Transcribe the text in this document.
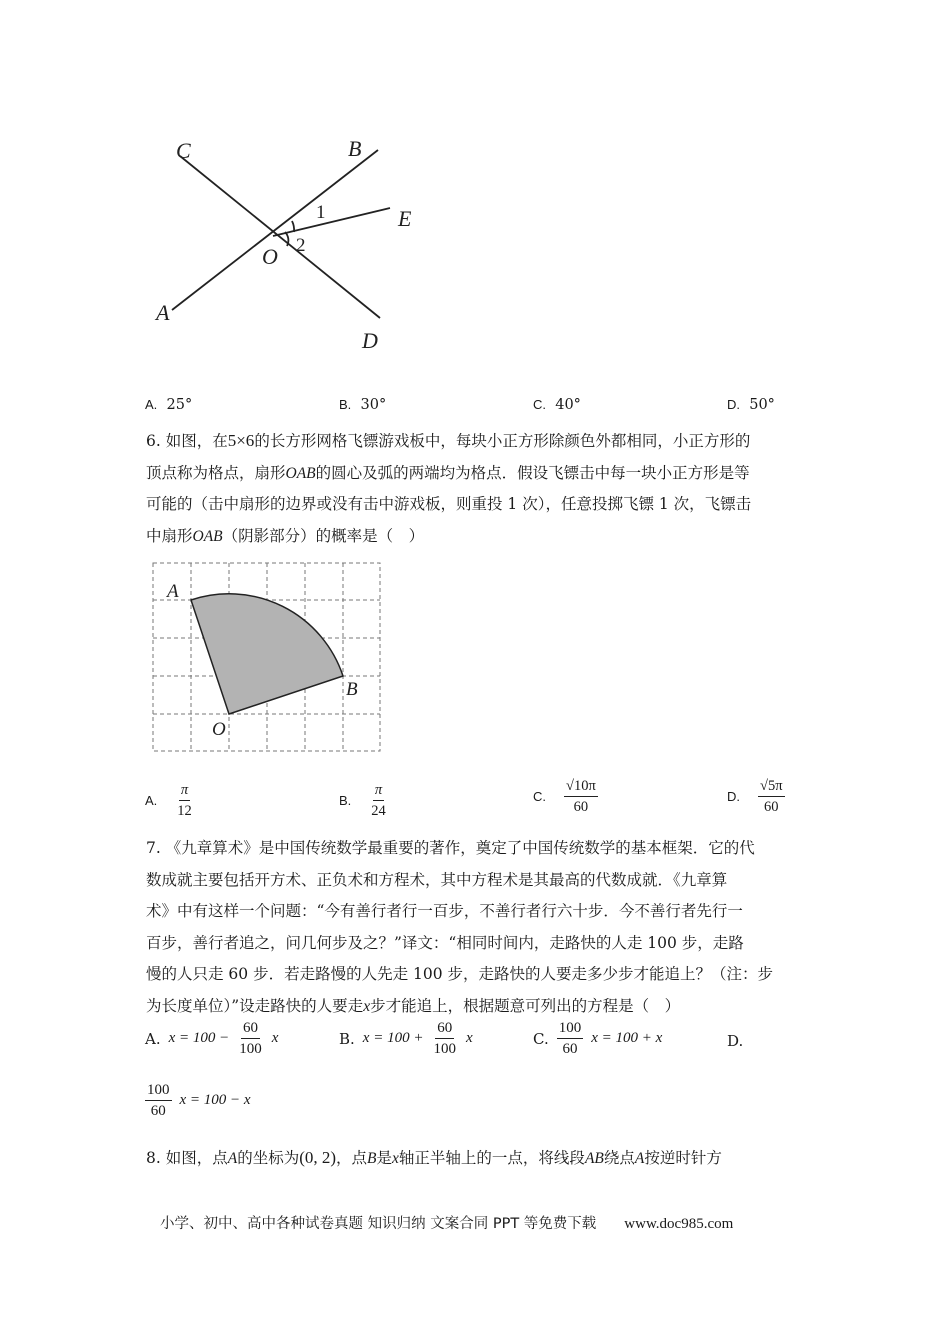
C	B
E
O
A
D
1
2
A. 25°	B. 30°	C. 40°	D. 50°

6. 如图，在5×6的长方形网格飞镖游戏板中，每块小正方形除颜色外都相同，小正方形的

顶点称为格点，扇形OAB的圆心及弧的两端均为格点．假设飞镖击中每一块小正方形是等

可能的（击中扇形的边界或没有击中游戏板，则重投 1 次），任意投掷飞镖 1 次，飞镖击

中扇形OAB（阴影部分）的概率是（　）

A
B
O
A. $\frac{\pi}{12}$	B. $\frac{\pi}{24}$	C. $\frac{√10\pi}{60}$	D. $\frac{√5\pi}{60}$

7. 《九章算术》是中国传统数学最重要的著作，奠定了中国传统数学的基本框架．它的代

数成就主要包括开方术、正负术和方程术，其中方程术是其最高的代数成就．《九章算

术》中有这样一个问题：“今有善行者行一百步，不善行者行六十步．今不善行者先行一

百步，善行者追之，问几何步及之？”译文：“相同时间内，走路快的人走 100 步，走路

慢的人只走 60 步．若走路慢的人先走 100 步，走路快的人要走多少步才能追上？（注：步

为长度单位）”设走路快的人要走x步才能追上，根据题意可列出的方程是（　）

A. $x = 100 - \frac{60}{100}$ x	B. $x = 100 + \frac{60}{100}$ x	C. $\frac{100}{60}$ x = 100 + x	D.
$\frac{100}{60}$ x = 100 − x

8. 如图，点A的坐标为(0, 2)，点B是x轴正半轴上的一点，将线段AB绕点A按逆时针方

小学、初中、高中各种试卷真题 知识归纳 文案合同 PPT 等免费下载 www.doc985.com
